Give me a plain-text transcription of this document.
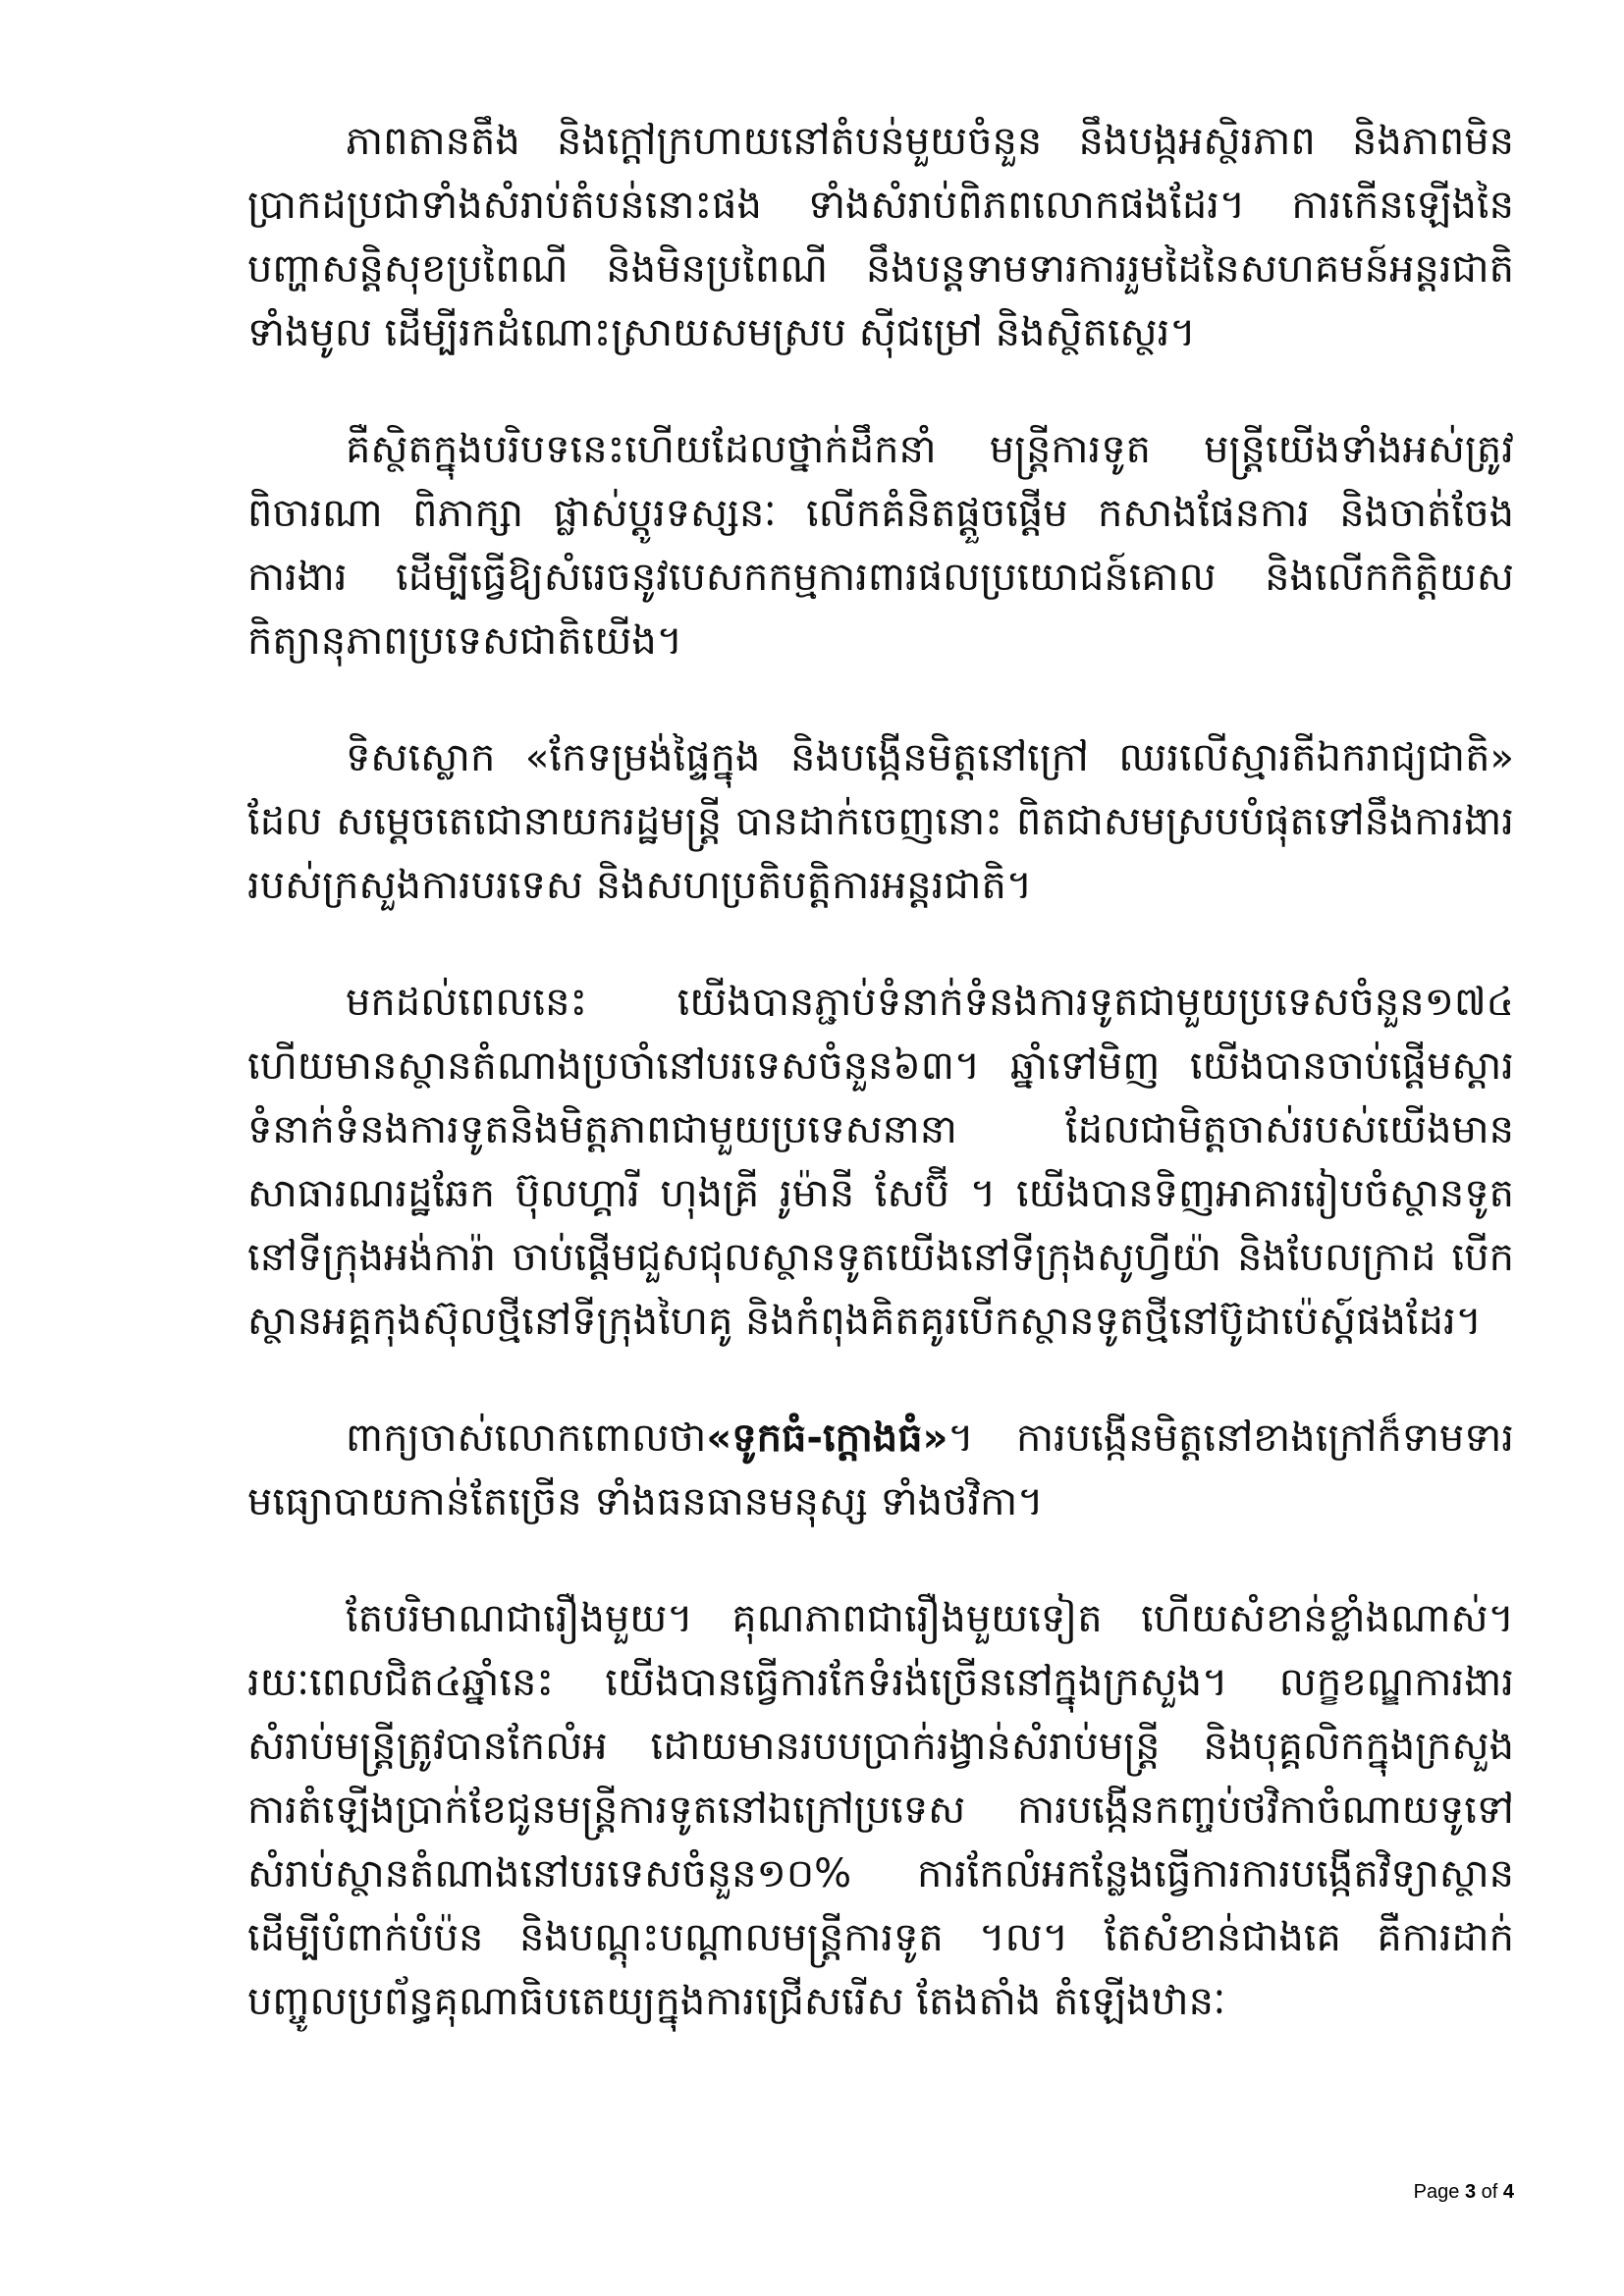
ភាពតានតឹង និងក្ដៅក្រហាយនៅតំបន់មួយចំនួន នឹងបង្កអស្ថិរភាព និងភាពមិនប្រាកដប្រជាទាំងសំរាប់តំបន់នោះផង ទាំងសំរាប់ពិភពលោកផងដែរ។ ការកើនឡើងនៃបញ្ហាសន្តិសុខប្រពៃណី និងមិនប្រពៃណី នឹងបន្តទាមទារការរួមដៃនៃសហគមន៍អន្តរជាតិទាំងមូល ដើម្បីរកដំណោះស្រាយសមស្រប ស៊ីជម្រៅ និងស្ថិតស្ថេរ។

គឺស្ថិតក្នុងបរិបទនេះហើយដែលថ្នាក់ដឹកនាំ មន្ត្រីការទូត មន្ត្រីយើងទាំងអស់ត្រូវពិចារណា ពិភាក្សា ផ្លាស់ប្ដូរទស្សនៈ លើកគំនិតផ្ដួចផ្ដើម កសាងផែនការ និងចាត់ចែងការងារ ដើម្បីធ្វើឱ្យសំរេចនូវបេសកកម្មការពារផលប្រយោជន៍គោល និងលើកកិត្តិយស កិត្យានុភាពប្រទេសជាតិយើង។

ទិសស្លោក «កែទម្រង់ផ្ទៃក្នុង និងបង្កើនមិត្តនៅក្រៅ ឈរលើស្មារតីឯករាជ្យជាតិ» ដែល សម្ដេចតេជោនាយករដ្ឋមន្ត្រី បានដាក់ចេញនោះ ពិតជាសមស្របបំផុតទៅនឹងការងាររបស់ក្រសួងការបរទេស និងសហប្រតិបត្តិការអន្តរជាតិ។

មកដល់ពេលនេះ យើងបានភ្ជាប់ទំនាក់ទំនងការទូតជាមួយប្រទេសចំនួន១៧៤ ហើយមានស្ថានតំណាងប្រចាំនៅបរទេសចំនួន៦៣។ ឆ្នាំទៅមិញ យើងបានចាប់ផ្ដើមស្ដារទំនាក់ទំនងការទូតនិងមិត្តភាពជាមួយប្រទេសនានា ដែលជាមិត្តចាស់របស់យើងមានសាធារណរដ្ឋឆែក ប៊ុលហ្គារី ហុងគ្រី រូម៉ានី សែប៊ី ។ យើងបានទិញអាគាររៀបចំស្ថានទូតនៅទីក្រុងអង់ការ៉ា ចាប់ផ្ដើមជួសជុលស្ថានទូតយើងនៅទីក្រុងសូហ្វីយ៉ា និងបែលក្រាដ បើកស្ថានអគ្គកុងស៊ុលថ្មីនៅទីក្រុងហៃគូ និងកំពុងគិតគូរបើកស្ថានទូតថ្មីនៅប៊ូដាប៉េស្ដ៍ផងដែរ។

ពាក្យចាស់លោកពោលថា«ទូកធំ-ក្ដោងធំ»។ ការបង្កើនមិត្តនៅខាងក្រៅក៏ទាមទារមធ្យោបាយកាន់តែច្រើន ទាំងធនធានមនុស្ស ទាំងថវិកា។

តែបរិមាណជារឿងមួយ។ គុណភាពជារឿងមួយទៀត ហើយសំខាន់ខ្លាំងណាស់។ រយៈពេលជិត៤ឆ្នាំនេះ យើងបានធ្វើការកែទំរង់ច្រើននៅក្នុងក្រសួង។ លក្ខខណ្ឌការងារសំរាប់មន្ត្រីត្រូវបានកែលំអ ដោយមានរបបប្រាក់រង្វាន់សំរាប់មន្ត្រី និងបុគ្គលិកក្នុងក្រសួង ការតំឡើងប្រាក់ខែជូនមន្ត្រីការទូតនៅឯក្រៅប្រទេស ការបង្កើនកញ្ចប់ថវិកាចំណាយទូទៅសំរាប់ស្ថានតំណាងនៅបរទេសចំនួន១០% ការកែលំអកន្លែងធ្វើការការបង្កើតវិទ្យាស្ថានដើម្បីបំពាក់បំប៉ន និងបណ្ដុះបណ្ដាលមន្ត្រីការទូត ។ល។ តែសំខាន់ជាងគេ គឺការដាក់បញ្ចូលប្រព័ន្ធគុណាធិបតេយ្យក្នុងការជ្រើសរើស តែងតាំង តំឡើងឋានៈ

Page 3 of 4
